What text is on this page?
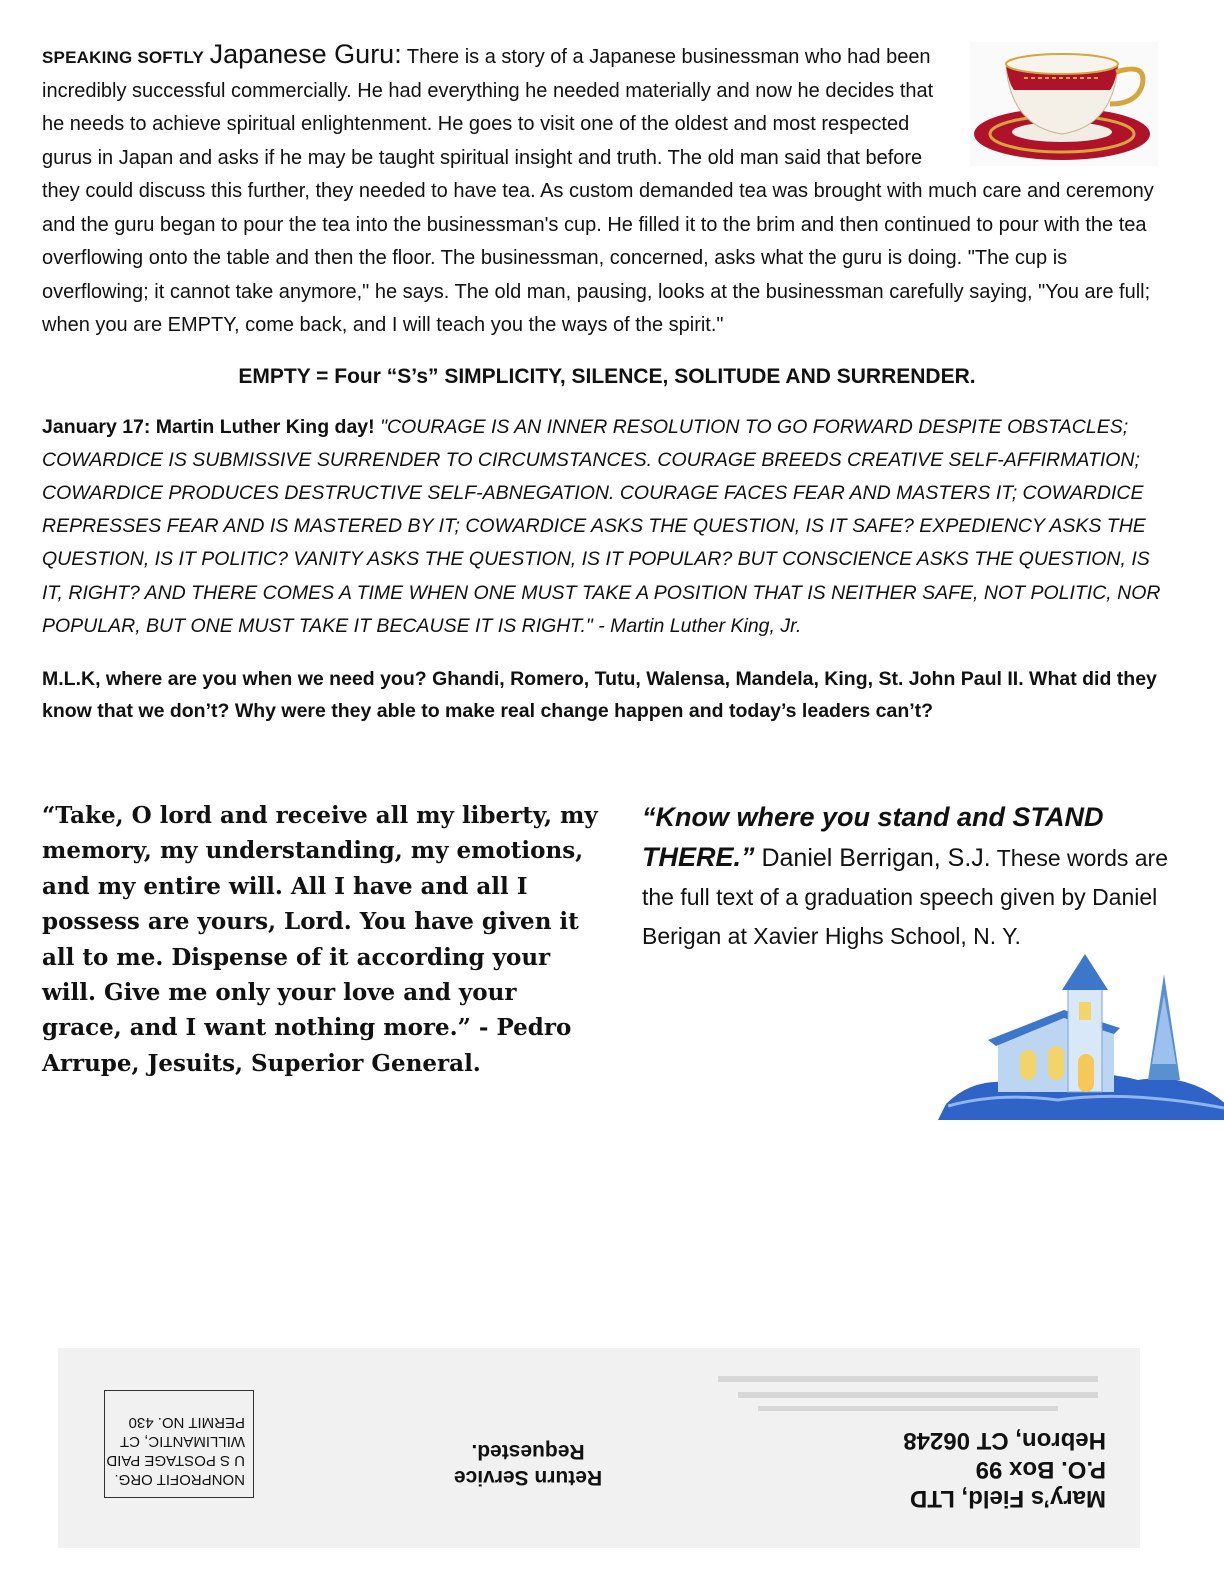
SPEAKING SOFTLY Japanese Guru: There is a story of a Japanese businessman who had been incredibly successful commercially. He had everything he needed materially and now he decides that he needs to achieve spiritual enlightenment. He goes to visit one of the oldest and most respected gurus in Japan and asks if he may be taught spiritual insight and truth. The old man said that before they could discuss this further, they needed to have tea. As custom demanded tea was brought with much care and ceremony and the guru began to pour the tea into the businessman's cup. He filled it to the brim and then continued to pour with the tea overflowing onto the table and then the floor. The businessman, concerned, asks what the guru is doing. "The cup is overflowing; it cannot take anymore," he says. The old man, pausing, looks at the businessman carefully saying, "You are full; when you are EMPTY, come back, and I will teach you the ways of the spirit."

EMPTY = Four “S’s” SIMPLICITY, SILENCE, SOLITUDE AND SURRENDER.

January 17: Martin Luther King day! "COURAGE IS AN INNER RESOLUTION TO GO FORWARD DESPITE OBSTACLES; COWARDICE IS SUBMISSIVE SURRENDER TO CIRCUMSTANCES. COURAGE BREEDS CREATIVE SELF-AFFIRMATION; COWARDICE PRODUCES DESTRUCTIVE SELF-ABNEGATION. COURAGE FACES FEAR AND MASTERS IT; COWARDICE REPRESSES FEAR AND IS MASTERED BY IT; COWARDICE ASKS THE QUESTION, IS IT SAFE? EXPEDIENCY ASKS THE QUESTION, IS IT POLITIC? VANITY ASKS THE QUESTION, IS IT POPULAR? BUT CONSCIENCE ASKS THE QUESTION, IS IT, RIGHT? AND THERE COMES A TIME WHEN ONE MUST TAKE A POSITION THAT IS NEITHER SAFE, NOT POLITIC, NOR POPULAR, BUT ONE MUST TAKE IT BECAUSE IT IS RIGHT." - Martin Luther King, Jr.

M.L.K, where are you when we need you? Ghandi, Romero, Tutu, Walensa, Mandela, King, St. John Paul II. What did they know that we don’t? Why were they able to make real change happen and today’s leaders can’t?

“Take, O lord and receive all my liberty, my memory, my understanding, my emotions, and my entire will. All I have and all I possess are yours, Lord. You have given it all to me. Dispense of it according your will. Give me only your love and your grace, and I want nothing more.” - Pedro Arrupe, Jesuits, Superior General.
“Know where you stand and STAND THERE.” Daniel Berrigan, S.J. These words are the full text of a graduation speech given by Daniel Berigan at Xavier Highs School, N. Y.
NONPROFIT ORG.
U S POSTAGE PAID
WILLIMANTIC, CT
PERMIT NO. 430
Return Service
Requested.
Mary’s Field, LTD
P.O. Box 99
Hebron, CT 06248
